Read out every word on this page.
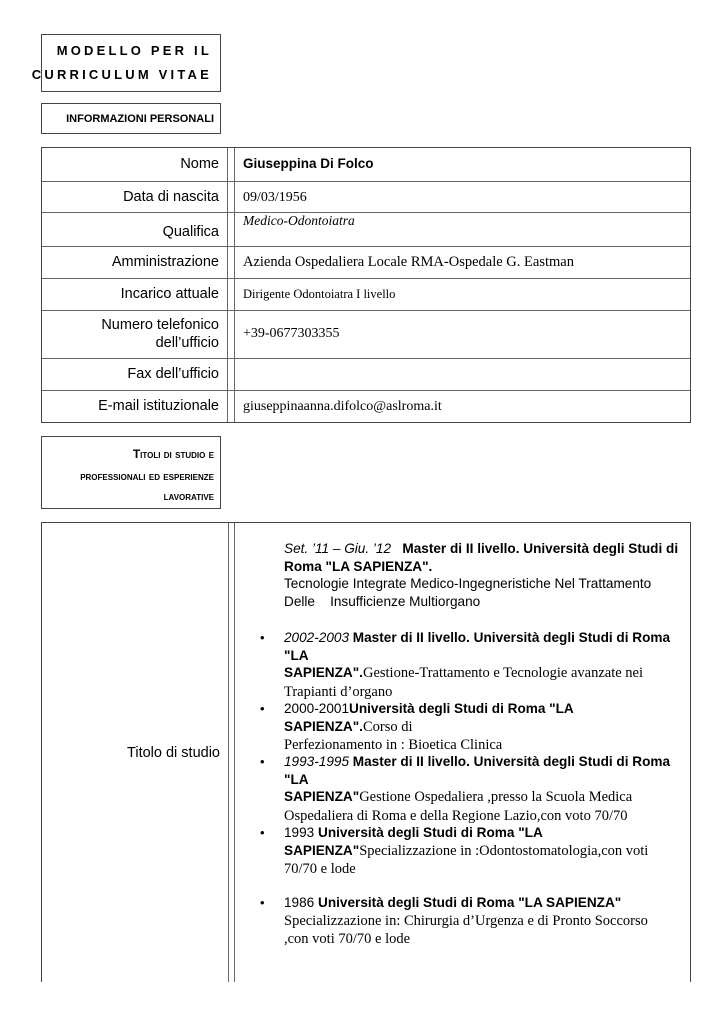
MODELLO PER IL
CURRICULUM VITAE
INFORMAZIONI PERSONALI
Nome Giuseppina Di Folco
Data di nascita 09/03/1956
Qualifica
Medico-Odontoiatra
Amministrazione Azienda Ospedaliera Locale RMA-Ospedale G. Eastman
Incarico attuale Dirigente Odontoiatra I livello
Numero telefonico
dell’ufficio
+39-0677303355
Fax dell’ufficio
E-mail istituzionale giuseppinaanna.difolco@aslroma.it
Titoli di studio e
professionali ed esperienze
lavorative
Titolo di studio
Set. ’11 – Giu. ’12 Master di II livello. Università degli Studi di Roma "LA SAPIENZA".
Tecnologie Integrate Medico-Ingegneristiche Nel Trattamento
Delle    Insufficienze Multiorgano
•	2002-2003 Master di II livello. Università degli Studi di Roma "LA
SAPIENZA".Gestione-Trattamento e Tecnologie avanzate nei
Trapianti d’organo
•	2000-2001Università degli Studi di Roma "LA SAPIENZA".Corso di
Perfezionamento in : Bioetica Clinica
•	1993-1995 Master di II livello. Università degli Studi di Roma "LA
SAPIENZA"Gestione Ospedaliera ,presso la Scuola Medica
Ospedaliera di Roma e della Regione Lazio,con voto 70/70
•	1993 Università degli Studi di Roma "LA
SAPIENZA"Specializzazione in :Odontostomatologia,con voti
70/70 e lode
•	1986 Università degli Studi di Roma "LA SAPIENZA"
Specializzazione in: Chirurgia d’Urgenza e di Pronto Soccorso
,con voti 70/70 e lode
